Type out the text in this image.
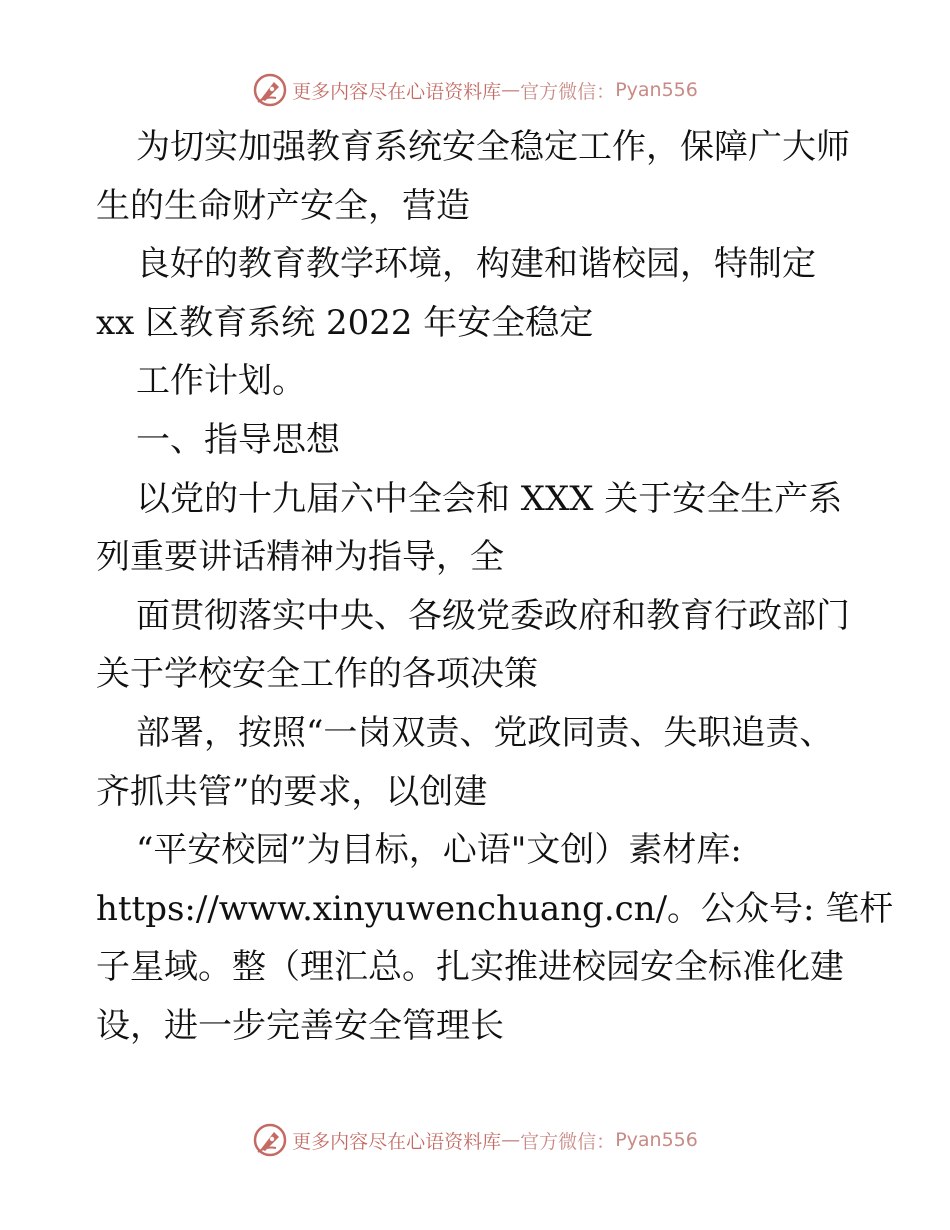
更多内容尽在心语资料库 — 官方微信： Pyan556
为切实加强教育系统安全稳定工作，保障广大师
生的生命财产安全，营造
良好的教育教学环境，构建和谐校园，特制定
xx 区教育系统 2022 年安全稳定
工作计划。
一、指导思想
以党的十九届六中全会和 XXX 关于安全生产系
列重要讲话精神为指导，全
面贯彻落实中央、各级党委政府和教育行政部门
关于学校安全工作的各项决策
部署，按照“一岗双责、党政同责、失职追责、
齐抓共管”的要求，以创建
“平安校园”为目标，心语"文创）素材库:
https://www.xinyuwenchuang.cn/。公众号: 笔杆
子星域。整（理汇总。扎实推进校园安全标准化建
设，进一步完善安全管理长
更多内容尽在心语资料库 — 官方微信： Pyan556
